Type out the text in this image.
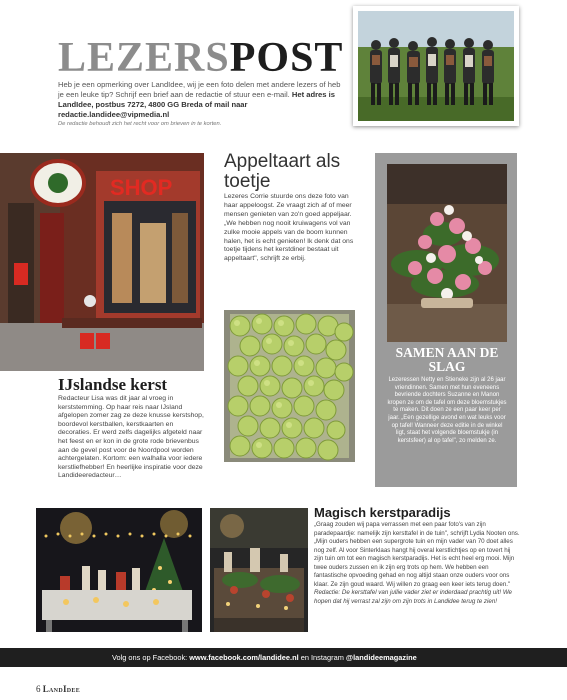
LEZERSPOST
Heb je een opmerking over LandIdee, wij je een foto delen met andere lezers of heb je een leuke tip? Schrijf een brief aan de redactie of stuur een e-mail. Het adres is LandIdee, postbus 7272, 4800 GG Breda of mail naar redactie.landidee@vipmedia.nl
De redactie behoudt zich het recht voor om brieven in te korten.
SHOP
IJslandse kerst
Redacteur Lisa was dit jaar al vroeg in kerststemming. Op haar reis naar IJsland afgelopen zomer zag ze deze knusse kerstshop, boordevol kerstballen, kerstkaarten en decoraties. Er werd zelfs dagelijks afgeteld naar het feest en er kon in de grote rode brievenbus aan de gevel post voor de Noordpool worden achtergelaten. Kortom: een walhalla voor iedere kerstliefhebber! En heerlijke inspiratie voor deze Landideeredacteur…
Appeltaart als toetje
Lezeres Corrie stuurde ons deze foto van haar appeloogst. Ze vraagt zich af of meer mensen genieten van zo'n goed appeljaar. „We hebben nog nooit kruiwagens vol van zulke mooie appels van de boom kunnen halen, het is echt genieten! Ik denk dat ons toetje tijdens het kerstdiner bestaat uit appeltaart", schrijft ze erbij.
SAMEN AAN DE SLAG
Lezeressen Netty en Stieneke zijn al 26 jaar vriendinnen. Samen met hun eveneens bevriende dochters Suzanne en Manon kropen ze om de tafel om deze bloemstukjes te maken. Dit doen ze een paar keer per jaar. „Een gezellige avond en wat leuks voor op tafel! Wanneer deze editie in de winkel ligt, staat het volgende bloemstukje (in kerstsfeer) al op tafel", zo melden ze.
Magisch kerstparadijs
„Graag zouden wij papa verrassen met een paar foto's van zijn paradepaardje: namelijk zijn kersttafel in de tuin", schrijft Lydia Nooten ons. „Mijn ouders hebben een supergrote tuin en mijn vader van 70 doet alles nog zelf. Al voor Sinterklaas hangt hij overal kerstlichtjes op en tovert hij zijn tuin om tot een magisch kerstparadijs. Het is echt heel erg mooi. Mijn twee ouders zussen en ik zijn erg trots op hem. We hebben een fantastische opvoeding gehad en nog altijd staan onze ouders voor ons klaar. Ze zijn goud waard. Wij willen zo graag een keer iets terug doen." Redactie: De kersttafel van jullie vader ziet er inderdaad prachtig uit! We hopen dat hij verrast zal zijn om zijn trots in Landidee terug te zien!
Volg ons op Facebook: www.facebook.com/landidee.nl en Instagram @landideemagazine
6 LandIdee
